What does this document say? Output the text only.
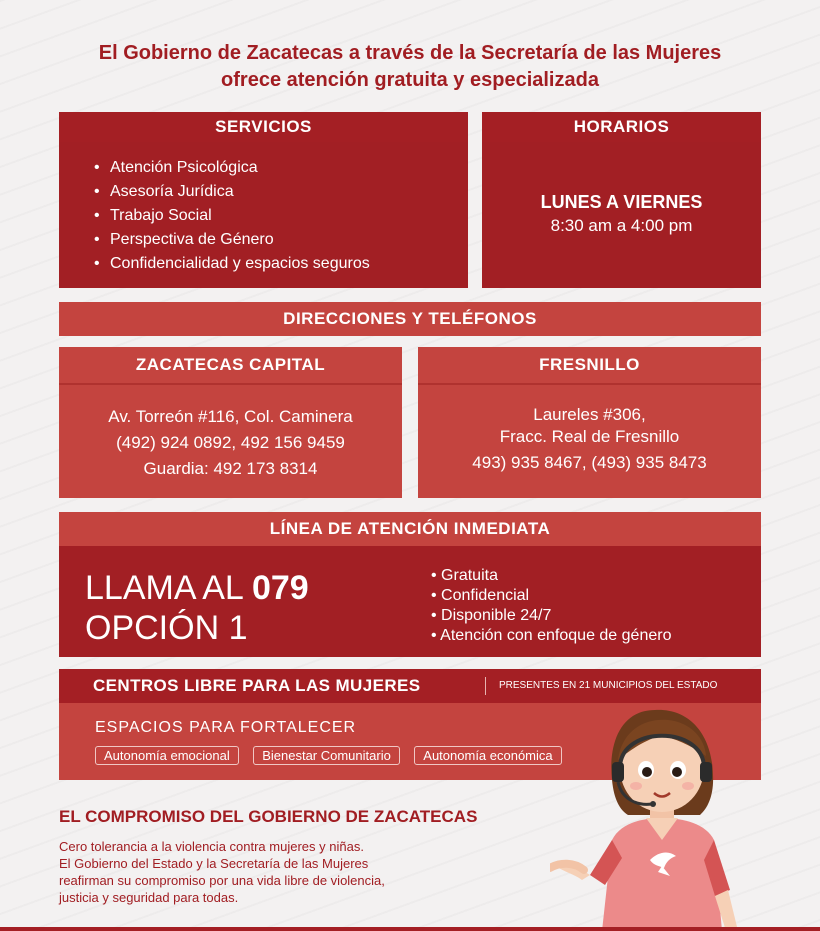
El Gobierno de Zacatecas a través de la Secretaría de las Mujeres
ofrece atención gratuita y especializada
SERVICIOS
• Atención Psicológica
• Asesoría Jurídica
• Trabajo Social
• Perspectiva de Género
• Confidencialidad y espacios seguros
HORARIOS
LUNES A VIERNES
8:30 am a 4:00 pm
DIRECCIONES Y TELÉFONOS
ZACATECAS CAPITAL
Av. Torreón #116, Col. Caminera
(492) 924 0892, 492 156 9459
Guardia: 492 173 8314
FRESNILLO
Laureles #306,
Fracc. Real de Fresnillo
493) 935 8467, (493) 935 8473
LÍNEA DE ATENCIÓN INMEDIATA
LLAMA AL 079
OPCIÓN 1
• Gratuita
• Confidencial
• Disponible 24/7
• Atención con enfoque de género
CENTROS LIBRE PARA LAS MUJERES	PRESENTES EN 21 MUNICIPIOS DEL ESTADO
ESPACIOS PARA FORTALECER
Autonomía emocional Bienestar Comunitario Autonomía económica
EL COMPROMISO DEL GOBIERNO DE ZACATECAS
Cero tolerancia a la violencia contra mujeres y niñas.
El Gobierno del Estado y la Secretaría de las Mujeres
reafirman su compromiso por una vida libre de violencia,
justicia y seguridad para todas.
